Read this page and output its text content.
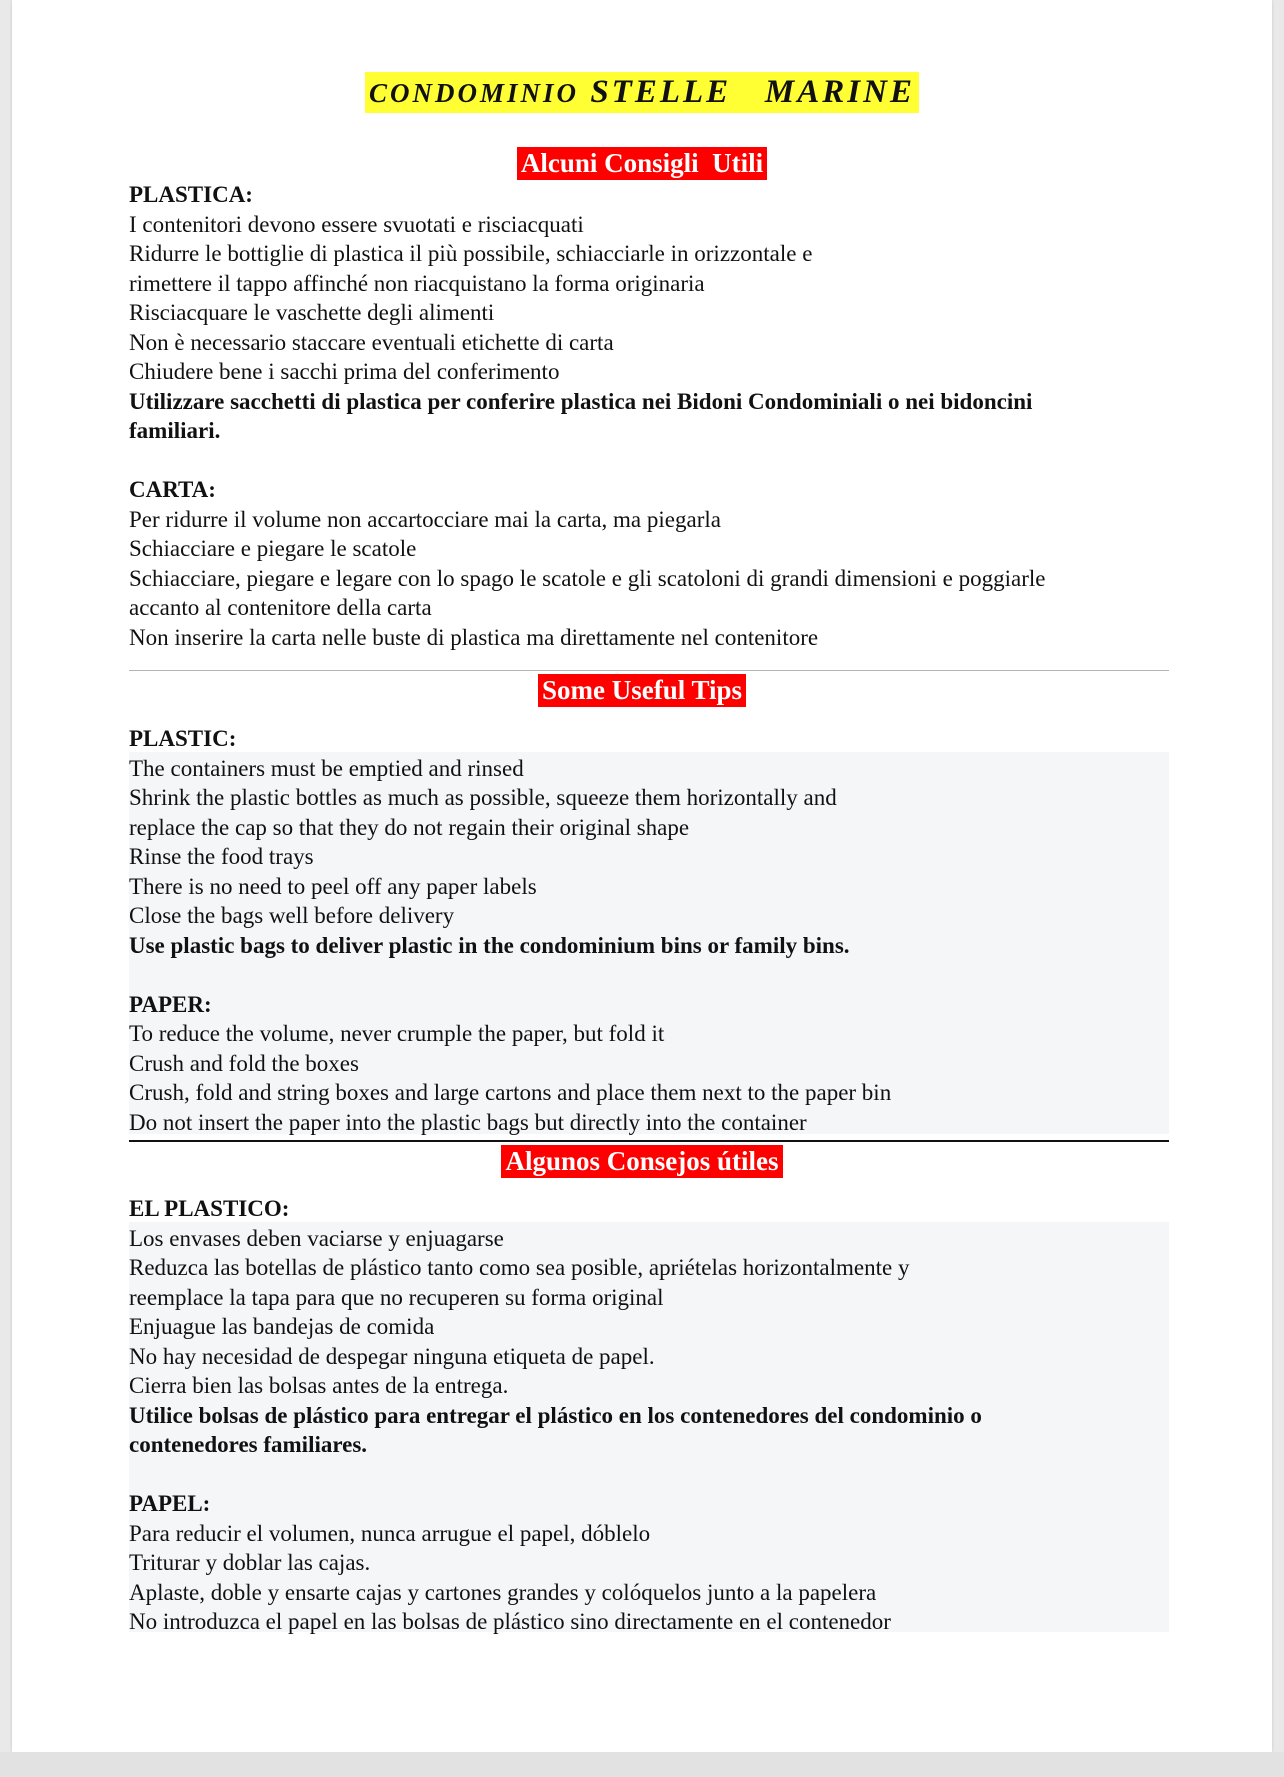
CONDOMINIO STELLE   MARINE
Alcuni Consigli  Utili
PLASTICA:
I contenitori devono essere svuotati e risciacquati
Ridurre le bottiglie di plastica il più possibile, schiacciarle in orizzontale e
rimettere il tappo affinché non riacquistano la forma originaria
Risciacquare le vaschette degli alimenti
Non è necessario staccare eventuali etichette di carta
Chiudere bene i sacchi prima del conferimento
Utilizzare sacchetti di plastica per conferire plastica nei Bidoni Condominiali o nei bidoncini
familiari.
CARTA:
Per ridurre il volume non accartocciare mai la carta, ma piegarla
Schiacciare e piegare le scatole
Schiacciare, piegare e legare con lo spago le scatole e gli scatoloni di grandi dimensioni e poggiarle
accanto al contenitore della carta
Non inserire la carta nelle buste di plastica ma direttamente nel contenitore
Some Useful Tips
PLASTIC:
The containers must be emptied and rinsed
Shrink the plastic bottles as much as possible, squeeze them horizontally and
replace the cap so that they do not regain their original shape
Rinse the food trays
There is no need to peel off any paper labels
Close the bags well before delivery
Use plastic bags to deliver plastic in the condominium bins or family bins.
PAPER:
To reduce the volume, never crumple the paper, but fold it
Crush and fold the boxes
Crush, fold and string boxes and large cartons and place them next to the paper bin
Do not insert the paper into the plastic bags but directly into the container
Algunos Consejos útiles
EL PLASTICO:
Los envases deben vaciarse y enjuagarse
Reduzca las botellas de plástico tanto como sea posible, apriételas horizontalmente y
reemplace la tapa para que no recuperen su forma original
Enjuague las bandejas de comida
No hay necesidad de despegar ninguna etiqueta de papel.
Cierra bien las bolsas antes de la entrega.
Utilice bolsas de plástico para entregar el plástico en los contenedores del condominio o
contenedores familiares.
PAPEL:
Para reducir el volumen, nunca arrugue el papel, dóblelo
Triturar y doblar las cajas.
Aplaste, doble y ensarte cajas y cartones grandes y colóquelos junto a la papelera
No introduzca el papel en las bolsas de plástico sino directamente en el contenedor
